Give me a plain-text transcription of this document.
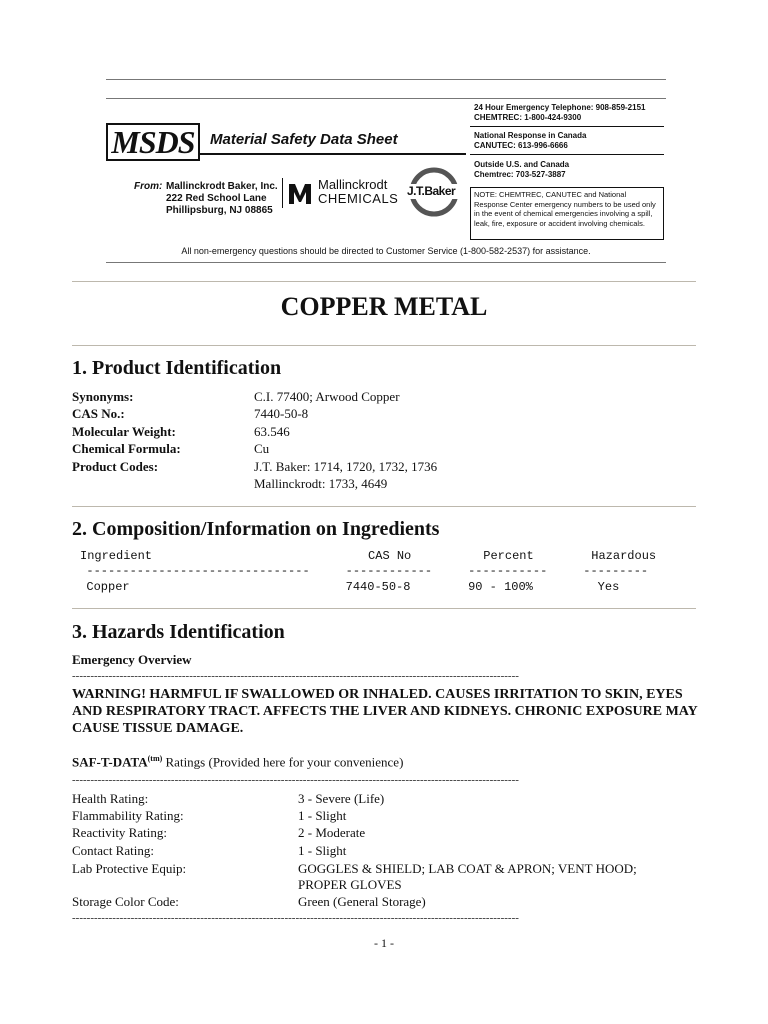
MSDS	Material Safety Data Sheet
From: Mallinckrodt Baker, Inc.
222 Red School Lane
Phillipsburg, NJ 08865
Mallinckrodt
CHEMICALS J.T.Baker
24 Hour Emergency Telephone: 908-859-2151
CHEMTREC: 1-800-424-9300
National Response in Canada
CANUTEC: 613-996-6666
Outside U.S. and Canada
Chemtrec: 703-527-3887
NOTE: CHEMTREC, CANUTEC and National Response Center emergency numbers to be used only in the event of chemical emergencies involving a spill, leak, fire, exposure or accident involving chemicals.
All non-emergency questions should be directed to Customer Service (1-800-582-2537) for assistance.
COPPER METAL
1. Product Identification
Synonyms:	C.I. 77400; Arwood Copper
CAS No.:	7440-50-8
Molecular Weight:	63.546
Chemical Formula:	Cu
Product Codes:	J.T. Baker: 1714, 1720, 1732, 1736
Mallinckrodt: 1733, 4649
2. Composition/Information on Ingredients
Ingredient                              CAS No          Percent        Hazardous
-------------------------------     ------------     -----------     ---------
Copper                              7440-50-8        90 - 100%         Yes
3. Hazards Identification
Emergency Overview
--------------------------------------------------------------------------------------------------------------------------
WARNING! HARMFUL IF SWALLOWED OR INHALED. CAUSES IRRITATION TO SKIN, EYES AND RESPIRATORY TRACT. AFFECTS THE LIVER AND KIDNEYS. CHRONIC EXPOSURE MAY CAUSE TISSUE DAMAGE.
SAF-$T-DATA^{(tm)}$ Ratings (Provided here for your convenience)
--------------------------------------------------------------------------------------------------------------------------
Health Rating:	3 - Severe (Life)
Flammability Rating:	1 - Slight
Reactivity Rating:	2 - Moderate
Contact Rating:	1 - Slight
Lab Protective Equip:	GOGGLES & SHIELD; LAB COAT & APRON; VENT HOOD;
PROPER GLOVES
Storage Color Code:	Green (General Storage)
--------------------------------------------------------------------------------------------------------------------------
- 1 -
